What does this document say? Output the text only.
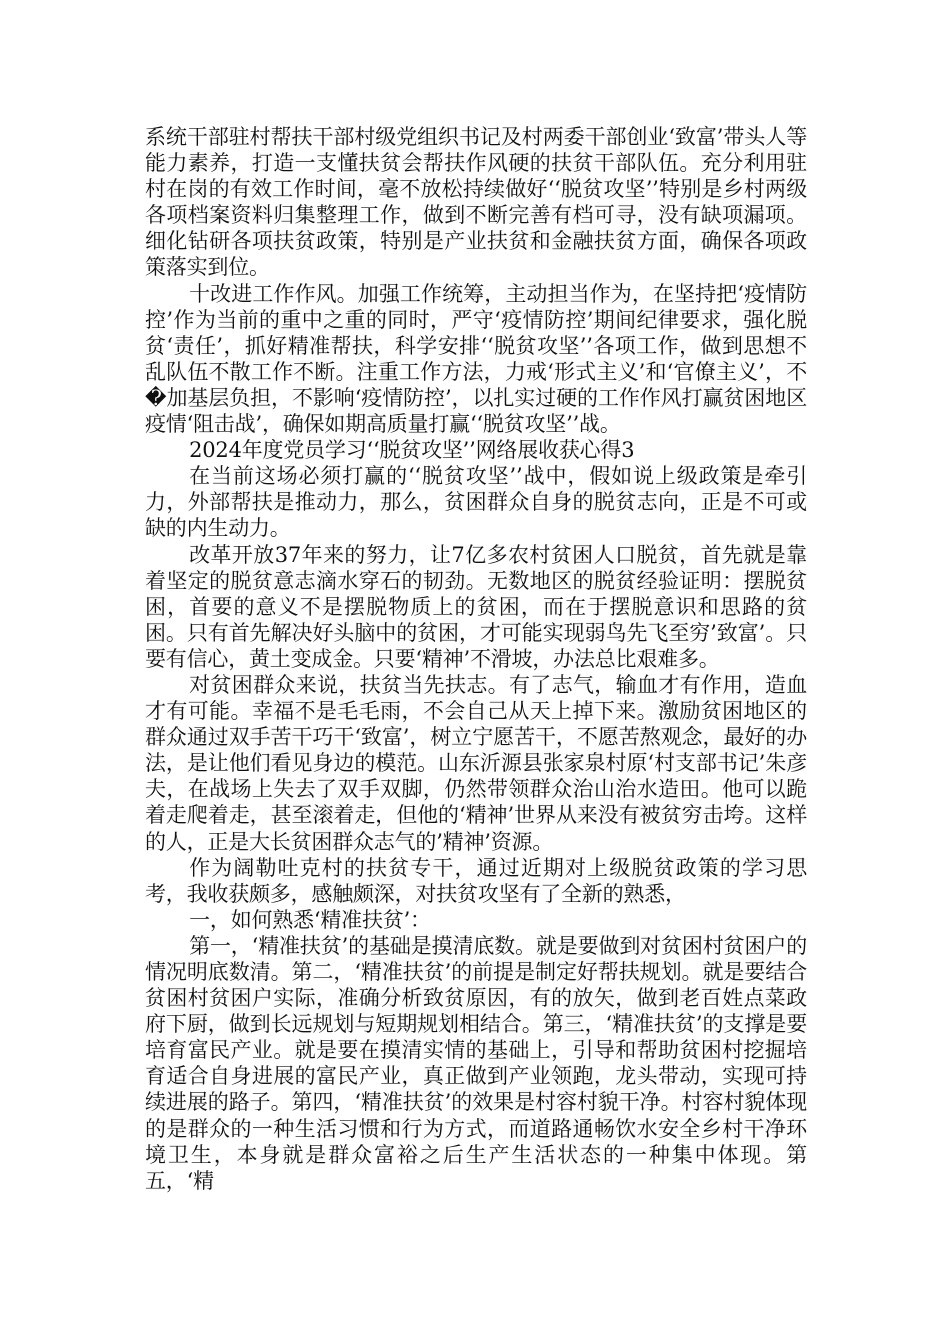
系统干部驻村帮扶干部村级党组织书记及村两委干部创业‘致富’带头人等能力素养，打造一支懂扶贫会帮扶作风硬的扶贫干部队伍。充分利用驻村在岗的有效工作时间，毫不放松持续做好‘‘脱贫攻坚’’特别是乡村两级各项档案资料归集整理工作，做到不断完善有档可寻，没有缺项漏项。细化钻研各项扶贫政策，特别是产业扶贫和金融扶贫方面，确保各项政策落实到位。

十改进工作作风。加强工作统筹，主动担当作为，在坚持把‘疫情防控’作为当前的重中之重的同时，严守‘疫情防控’期间纪律要求，强化脱贫‘责任’，抓好精准帮扶，科学安排‘‘脱贫攻坚’’各项工作，做到思想不乱队伍不散工作不断。注重工作方法，力戒‘形式主义’和‘官僚主义’，不�加基层负担，不影响‘疫情防控’，以扎实过硬的工作作风打赢贫困地区疫情‘阻击战’，确保如期高质量打赢‘‘脱贫攻坚’’战。

2024年度党员学习‘‘脱贫攻坚’’网络展收获心得3

在当前这场必须打赢的‘‘脱贫攻坚’’战中，假如说上级政策是牵引力，外部帮扶是推动力，那么，贫困群众自身的脱贫志向，正是不可或缺的内生动力。

改革开放37年来的努力，让7亿多农村贫困人口脱贫，首先就是靠着坚定的脱贫意志滴水穿石的韧劲。无数地区的脱贫经验证明：摆脱贫困，首要的意义不是摆脱物质上的贫困，而在于摆脱意识和思路的贫困。只有首先解决好头脑中的贫困，才可能实现弱鸟先飞至穷’致富’。只要有信心，黄土变成金。只要‘精神’不滑坡，办法总比艰难多。

对贫困群众来说，扶贫当先扶志。有了志气，输血才有作用，造血才有可能。幸福不是毛毛雨，不会自己从天上掉下来。激励贫困地区的群众通过双手苦干巧干‘致富’，树立宁愿苦干，不愿苦熬观念，最好的办法，是让他们看见身边的模范。山东沂源县张家泉村原‘村支部书记’朱彦夫，在战场上失去了双手双脚，仍然带领群众治山治水造田。他可以跪着走爬着走，甚至滚着走，但他的‘精神’世界从来没有被贫穷击垮。这样的人，正是大长贫困群众志气的’精神’资源。

作为阔勒吐克村的扶贫专干，通过近期对上级脱贫政策的学习思考，我收获颇多，感触颇深，对扶贫攻坚有了全新的熟悉，

一，如何熟悉‘精准扶贫’：

第一，‘精准扶贫’的基础是摸清底数。就是要做到对贫困村贫困户的情况明底数清。第二，‘精准扶贫’的前提是制定好帮扶规划。就是要结合贫困村贫困户实际，准确分析致贫原因，有的放矢，做到老百姓点菜政府下厨，做到长远规划与短期规划相结合。第三，‘精准扶贫’的支撑是要培育富民产业。就是要在摸清实情的基础上，引导和帮助贫困村挖掘培育适合自身进展的富民产业，真正做到产业领跑，龙头带动，实现可持续进展的路子。第四，‘精准扶贫’的效果是村容村貌干净。村容村貌体现的是群众的一种生活习惯和行为方式，而道路通畅饮水安全乡村干净环境卫生，本身就是群众富裕之后生产生活状态的一种集中体现。第五，‘精
